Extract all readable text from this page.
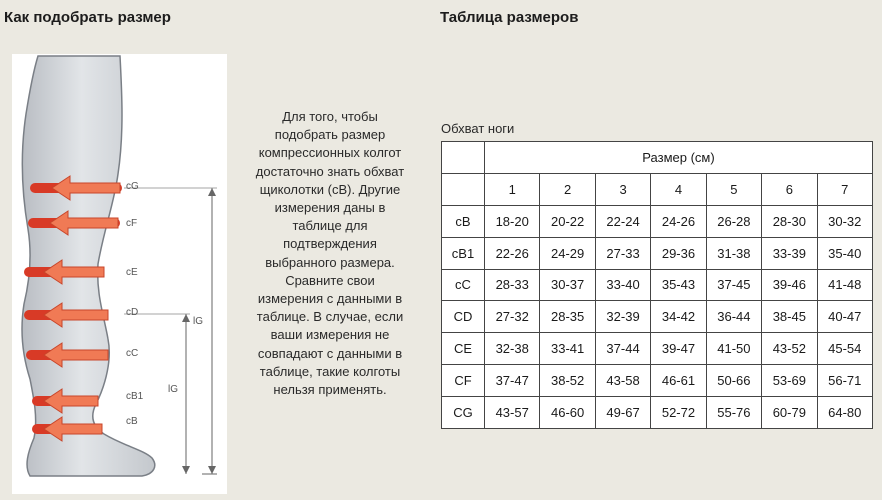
Как подобрать размер	Таблица размеров
cG
cF
cE
cD
cC
cB1
cB
lG
lG
Для того, чтобы
подобрать размер
компрессионных колгот
достаточно знать обхват
щиколотки (сВ). Другие
измерения даны в
таблице для
подтверждения
выбранного размера.
Сравните свои
измерения с данными в
таблице. В случае, если
ваши измерения не
совпадают с данными в
таблице, такие колготы
нельзя применять.
Обхват ноги
	Размер (см)						
	1	2	3	4	5	6	7
cB	18-20	20-22	22-24	24-26	26-28	28-30	30-32
cB1	22-26	24-29	27-33	29-36	31-38	33-39	35-40
cC	28-33	30-37	33-40	35-43	37-45	39-46	41-48
CD	27-32	28-35	32-39	34-42	36-44	38-45	40-47
CE	32-38	33-41	37-44	39-47	41-50	43-52	45-54
CF	37-47	38-52	43-58	46-61	50-66	53-69	56-71
CG	43-57	46-60	49-67	52-72	55-76	60-79	64-80
